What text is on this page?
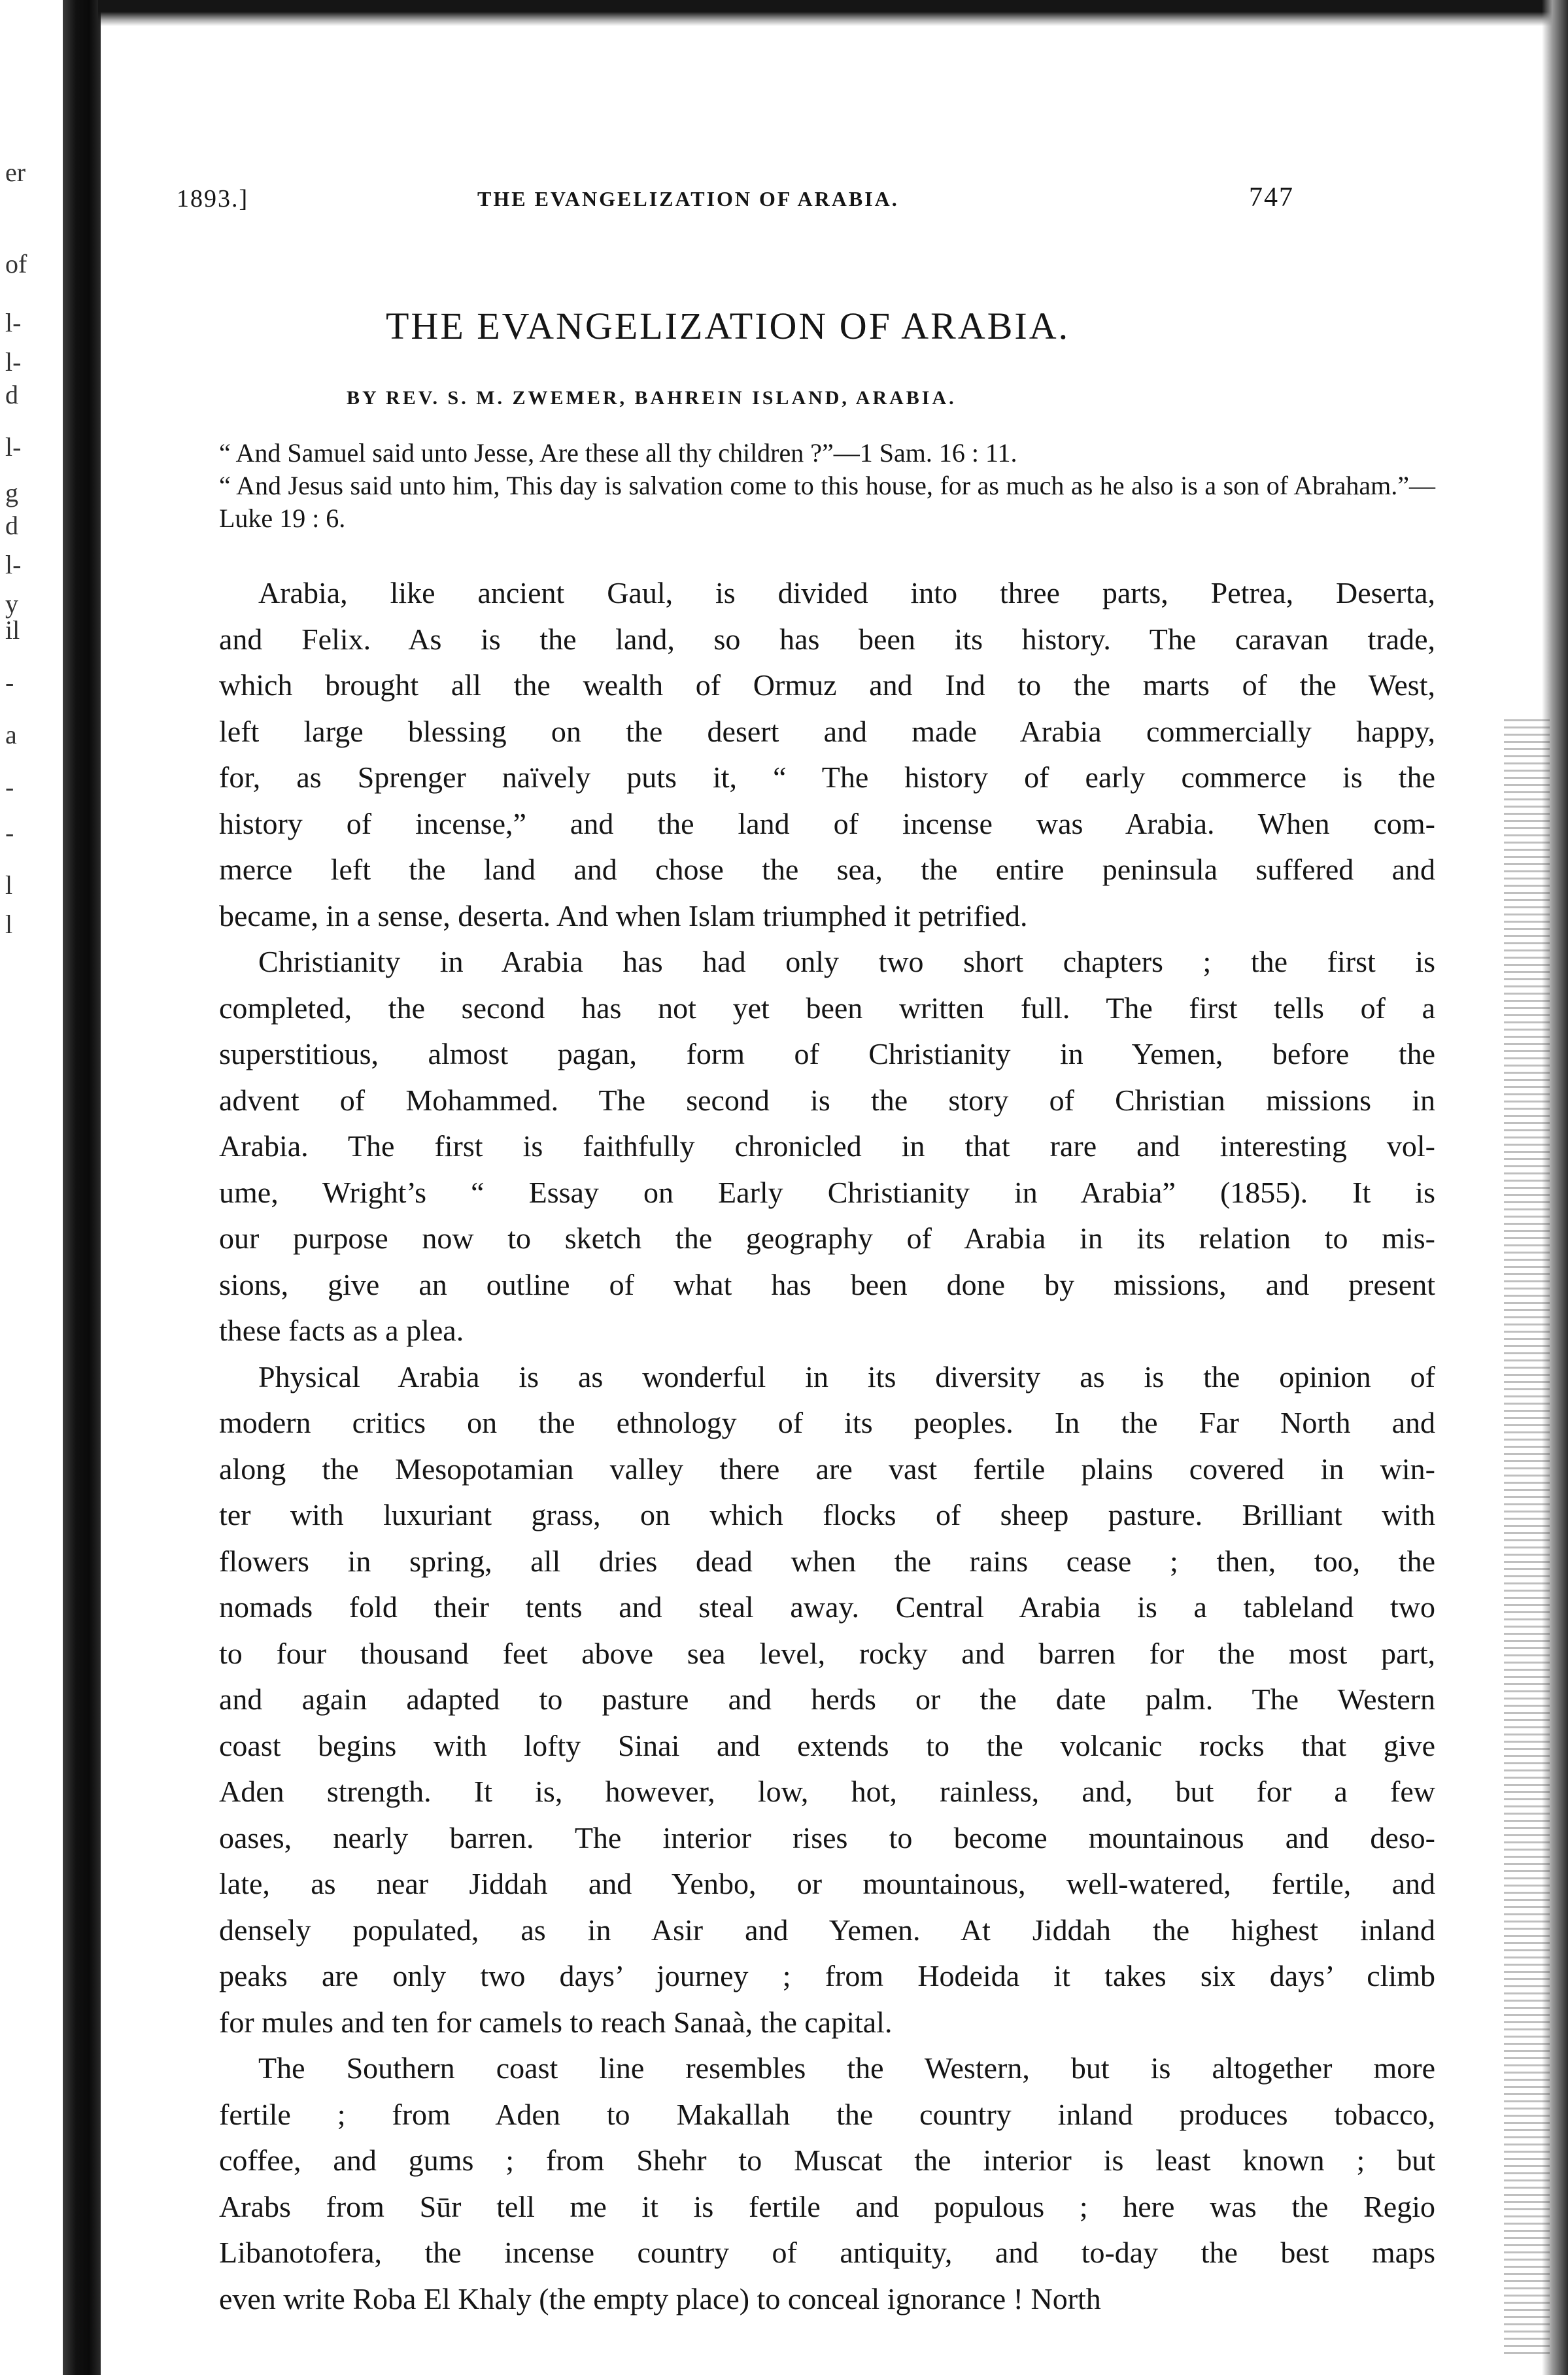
er
of
l-
l-
d
l-
g
d
l-
y
il
-
a
-
-
l
l
1893.]	THE EVANGELIZATION OF ARABIA.	747
THE EVANGELIZATION OF ARABIA.
BY REV. S. M. ZWEMER, BAHREIN ISLAND, ARABIA.

“ And Samuel said unto Jesse, Are these all thy children ?”—1 Sam. 16 : 11.

“ And Jesus said unto him, This day is salvation come to this house, for as much as he also is a son of Abraham.”—Luke 19 : 6.

Arabia, like ancient Gaul, is divided into three parts, Petrea, Deserta,
and Felix. As is the land, so has been its history. The caravan trade,
which brought all the wealth of Ormuz and Ind to the marts of the West,
left large blessing on the desert and made Arabia commercially happy,
for, as Sprenger naïvely puts it, “ The history of early commerce is the
history of incense,” and the land of incense was Arabia. When com-
merce left the land and chose the sea, the entire peninsula suffered and
became, in a sense, deserta. And when Islam triumphed it petrified.

Christianity in Arabia has had only two short chapters ; the first is
completed, the second has not yet been written full. The first tells of a
superstitious, almost pagan, form of Christianity in Yemen, before the
advent of Mohammed. The second is the story of Christian missions in
Arabia. The first is faithfully chronicled in that rare and interesting vol-
ume, Wright’s “ Essay on Early Christianity in Arabia” (1855). It is
our purpose now to sketch the geography of Arabia in its relation to mis-
sions, give an outline of what has been done by missions, and present
these facts as a plea.

Physical Arabia is as wonderful in its diversity as is the opinion of
modern critics on the ethnology of its peoples. In the Far North and
along the Mesopotamian valley there are vast fertile plains covered in win-
ter with luxuriant grass, on which flocks of sheep pasture. Brilliant with
flowers in spring, all dries dead when the rains cease ; then, too, the
nomads fold their tents and steal away. Central Arabia is a tableland two
to four thousand feet above sea level, rocky and barren for the most part,
and again adapted to pasture and herds or the date palm. The Western
coast begins with lofty Sinai and extends to the volcanic rocks that give
Aden strength. It is, however, low, hot, rainless, and, but for a few
oases, nearly barren. The interior rises to become mountainous and deso-
late, as near Jiddah and Yenbo, or mountainous, well-watered, fertile, and
densely populated, as in Asir and Yemen. At Jiddah the highest inland
peaks are only two days’ journey ; from Hodeida it takes six days’ climb
for mules and ten for camels to reach Sanaà, the capital.

The Southern coast line resembles the Western, but is altogether more
fertile ; from Aden to Makallah the country inland produces tobacco,
coffee, and gums ; from Shehr to Muscat the interior is least known ; but
Arabs from Sūr tell me it is fertile and populous ; here was the Regio
Libanotofera, the incense country of antiquity, and to-day the best maps
even write Roba El Khaly (the empty place) to conceal ignorance ! North
